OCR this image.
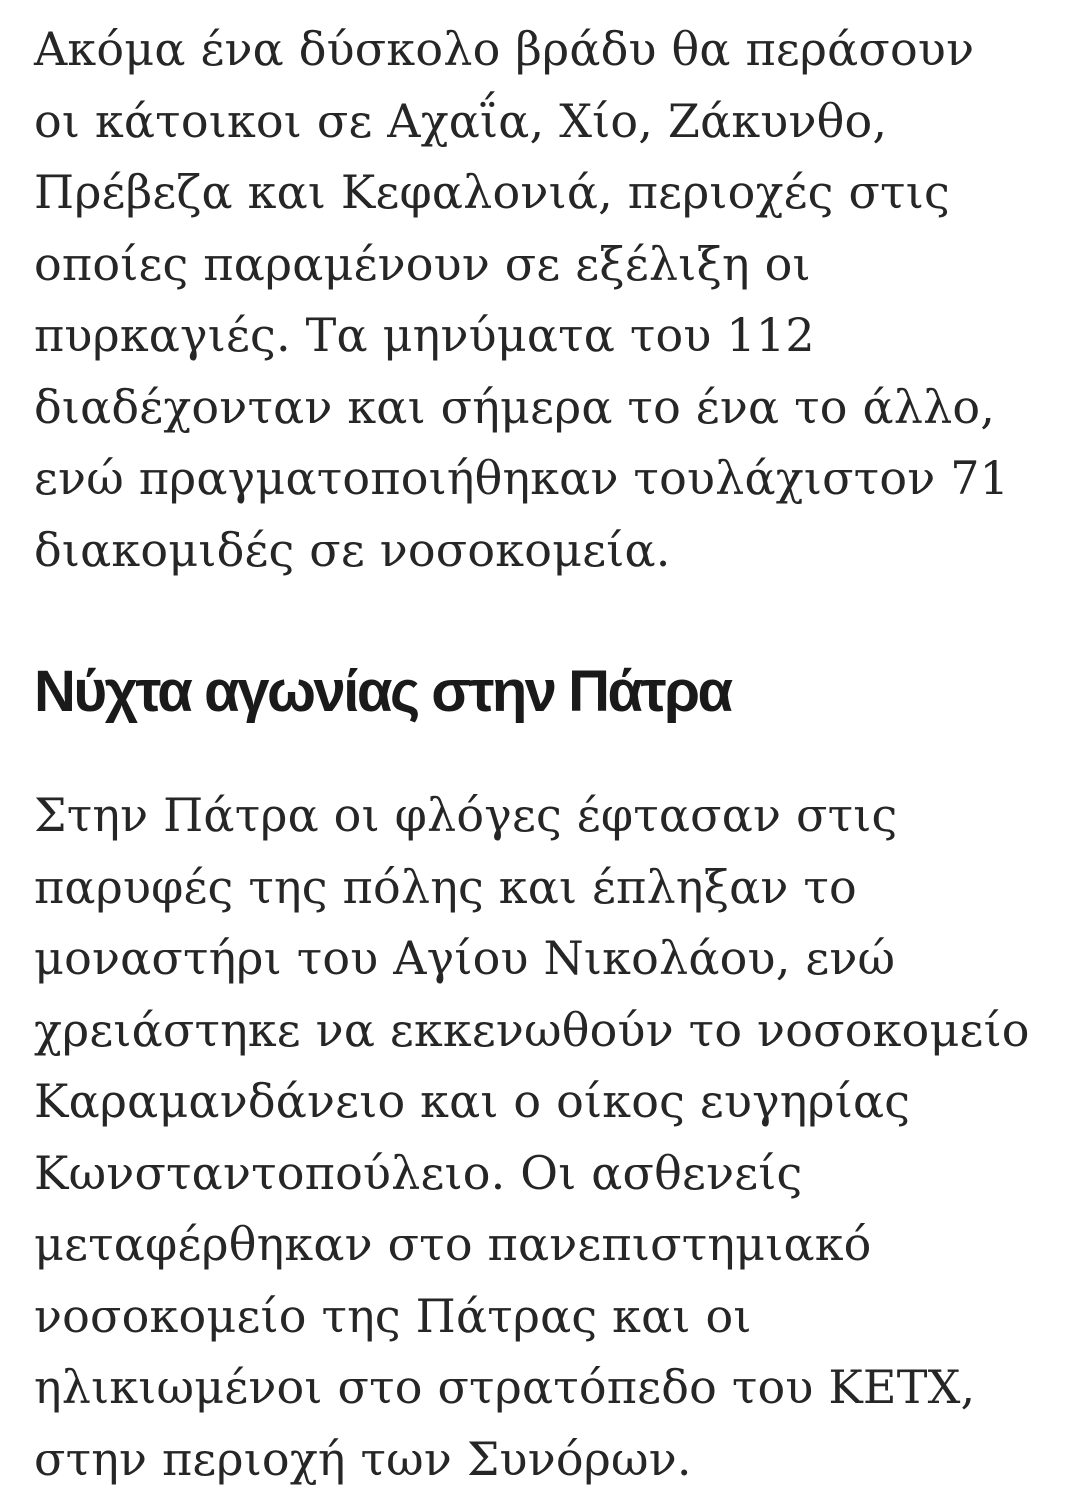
Ακόμα ένα δύσκολο βράδυ θα περάσουν
οι κάτοικοι σε Αχαΐα, Χίο, Ζάκυνθο,
Πρέβεζα και Κεφαλονιά, περιοχές στις
οποίες παραμένουν σε εξέλιξη οι
πυρκαγιές. Τα μηνύματα του 112
διαδέχονταν και σήμερα το ένα το άλλο,
ενώ πραγματοποιήθηκαν τουλάχιστον 71
διακομιδές σε νοσοκομεία.

Νύχτα αγωνίας στην Πάτρα

Στην Πάτρα οι φλόγες έφτασαν στις
παρυφές της πόλης και έπληξαν το
μοναστήρι του Αγίου Νικολάου, ενώ
χρειάστηκε να εκκενωθούν το νοσοκομείο
Καραμανδάνειο και ο οίκος ευγηρίας
Κωνσταντοπούλειο. Οι ασθενείς
μεταφέρθηκαν στο πανεπιστημιακό
νοσοκομείο της Πάτρας και οι
ηλικιωμένοι στο στρατόπεδο του ΚΕΤΧ,
στην περιοχή των Συνόρων.
